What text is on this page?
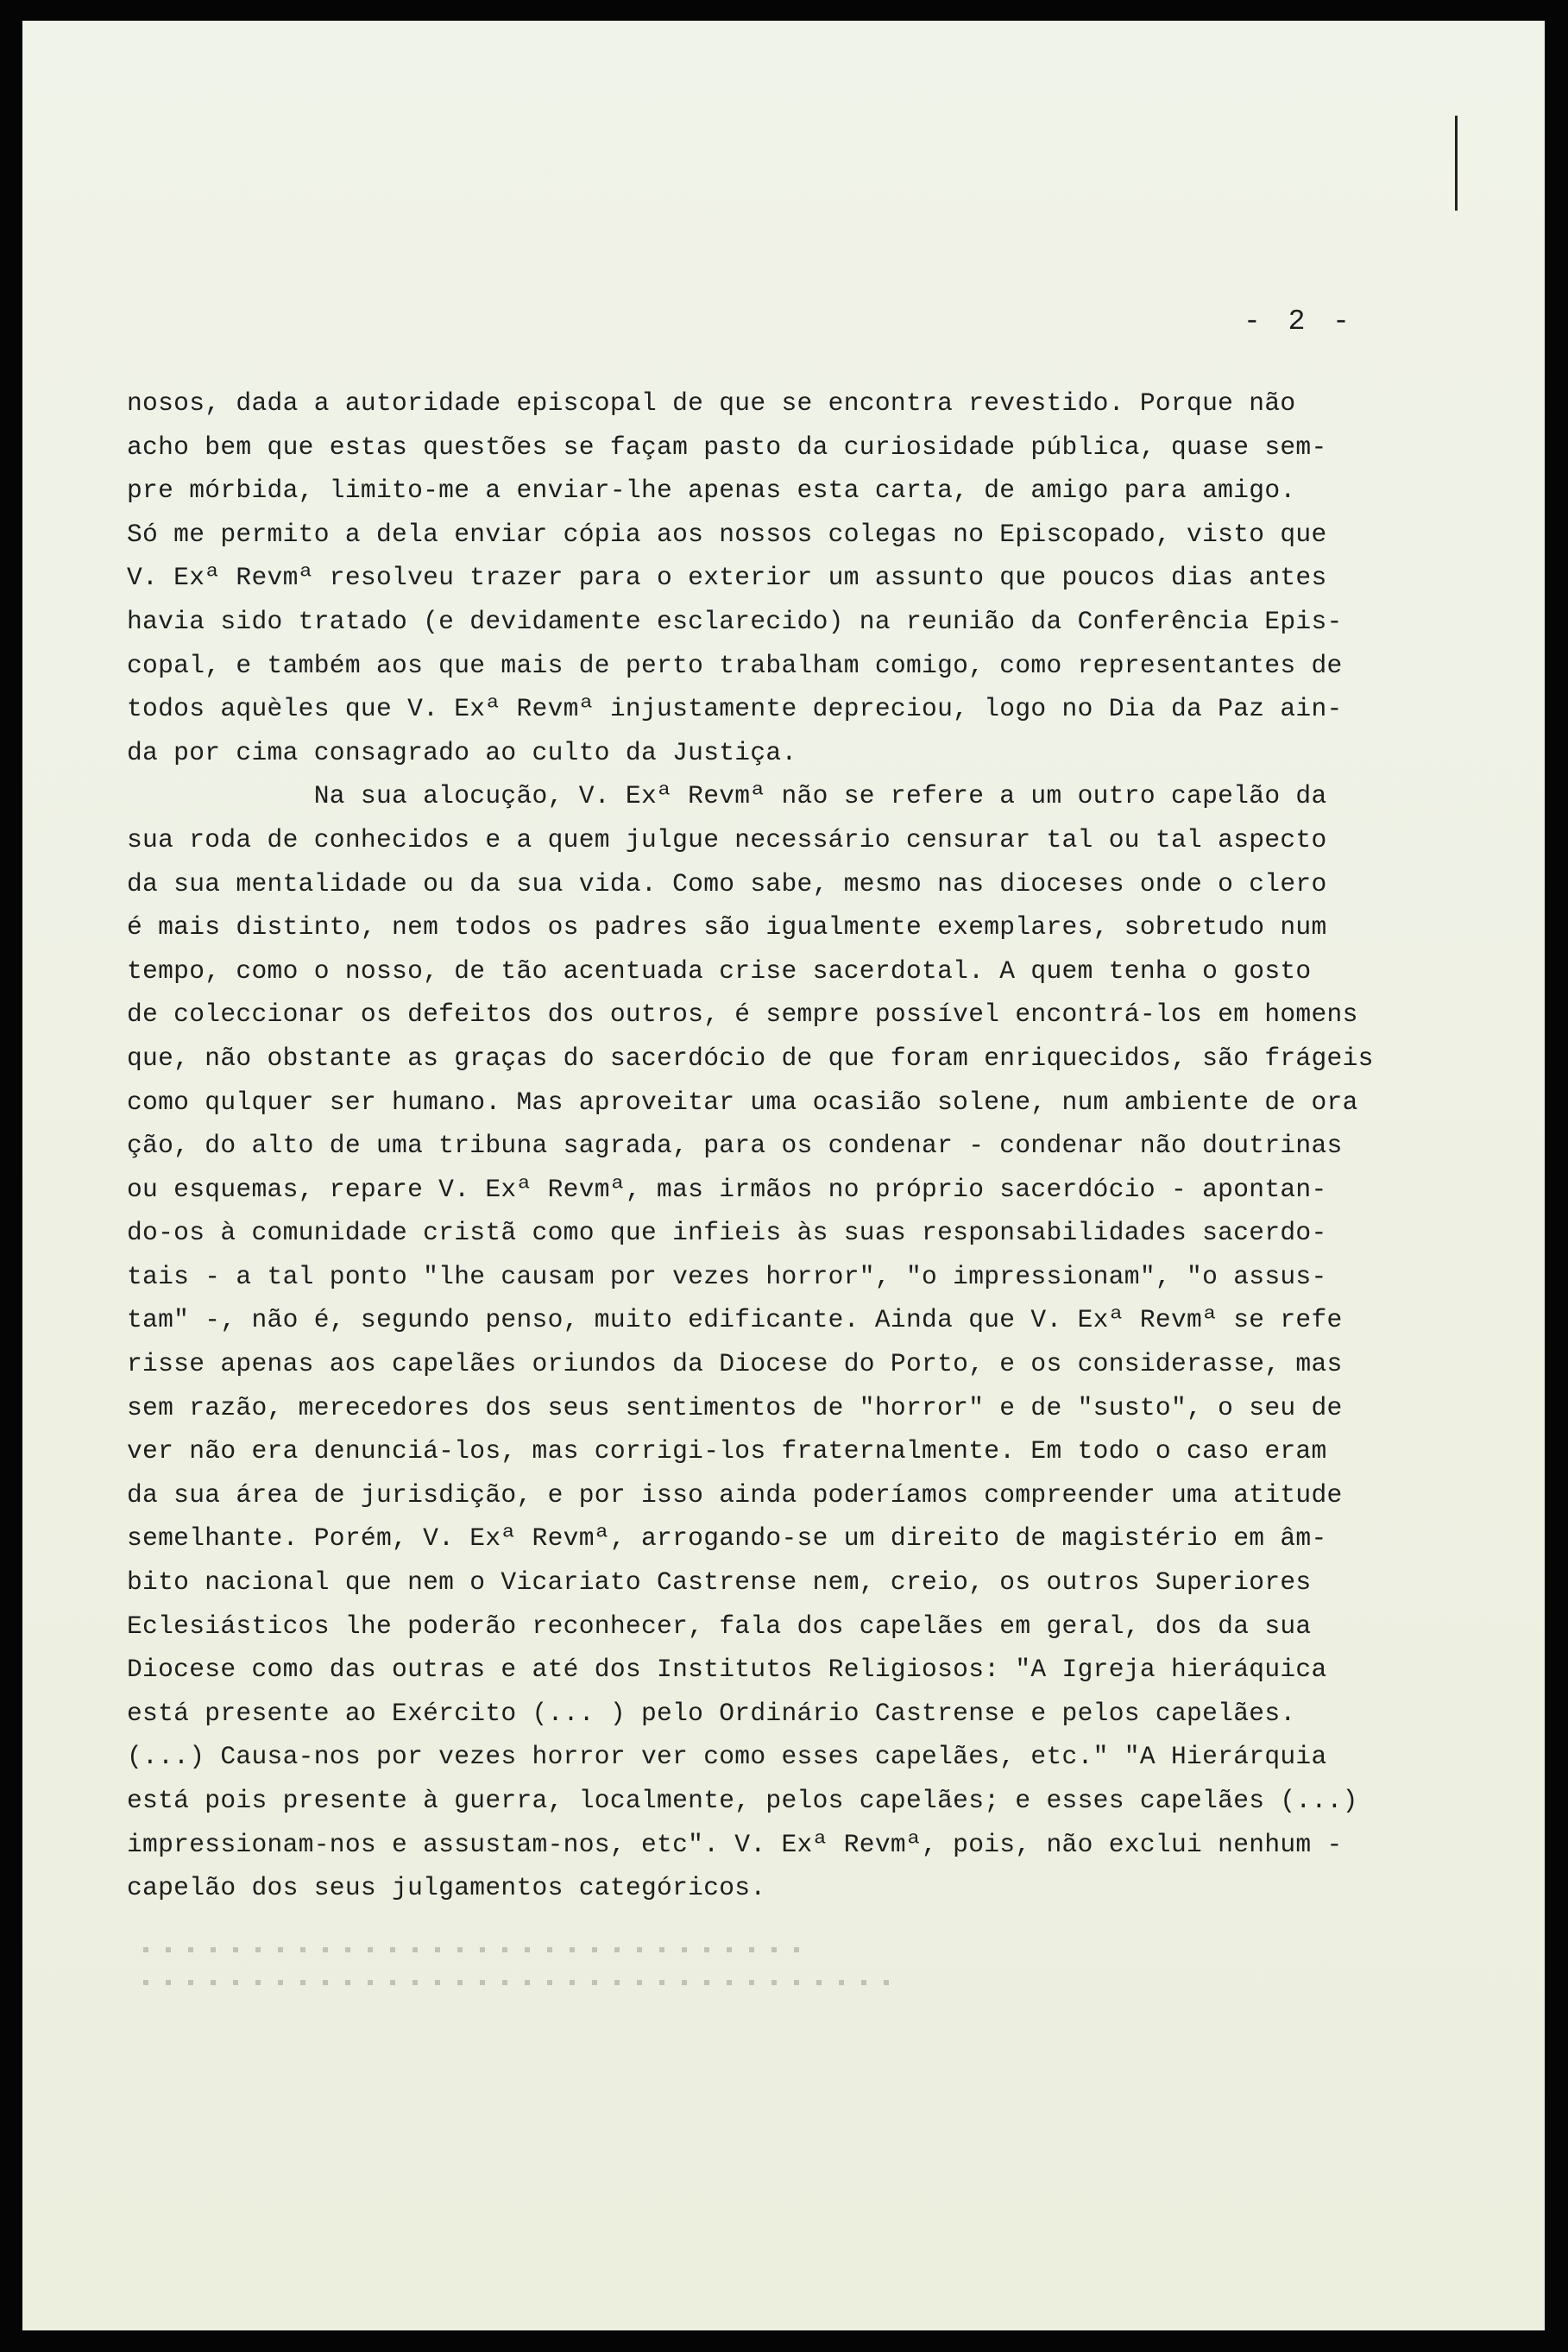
- 2 -
nosos, dada a autoridade episcopal de que se encontra revestido. Porque não
acho bem que estas questões se façam pasto da curiosidade pública, quase sem-
pre mórbida, limito-me a enviar-lhe apenas esta carta, de amigo para amigo.
Só me permito a dela enviar cópia aos nossos colegas no Episcopado, visto que
V. Exª Revmª resolveu trazer para o exterior um assunto que poucos dias antes
havia sido tratado (e devidamente esclarecido) na reunião da Conferência Epis-
copal, e também aos que mais de perto trabalham comigo, como representantes de
todos aquèles que V. Exª Revmª injustamente depreciou, logo no Dia da Paz ain-
da por cima consagrado ao culto da Justiça.
Na sua alocução, V. Exª Revmª não se refere a um outro capelão da
sua roda de conhecidos e a quem julgue necessário censurar tal ou tal aspecto
da sua mentalidade ou da sua vida. Como sabe, mesmo nas dioceses onde o clero
é mais distinto, nem todos os padres são igualmente exemplares, sobretudo num
tempo, como o nosso, de tão acentuada crise sacerdotal. A quem tenha o gosto
de coleccionar os defeitos dos outros, é sempre possível encontrá-los em homens
que, não obstante as graças do sacerdócio de que foram enriquecidos, são frágeis
como qulquer ser humano. Mas aproveitar uma ocasião solene, num ambiente de ora
ção, do alto de uma tribuna sagrada, para os condenar - condenar não doutrinas
ou esquemas, repare V. Exª Revmª, mas irmãos no próprio sacerdócio - apontan-
do-os à comunidade cristã como que infieis às suas responsabilidades sacerdo-
tais - a tal ponto "lhe causam por vezes horror", "o impressionam", "o assus-
tam" -, não é, segundo penso, muito edificante. Ainda que V. Exª Revmª se refe
risse apenas aos capelães oriundos da Diocese do Porto, e os considerasse, mas
sem razão, merecedores dos seus sentimentos de "horror" e de "susto", o seu de
ver não era denunciá-los, mas corrigi-los fraternalmente. Em todo o caso eram
da sua área de jurisdição, e por isso ainda poderíamos compreender uma atitude
semelhante. Porém, V. Exª Revmª, arrogando-se um direito de magistério em âm-
bito nacional que nem o Vicariato Castrense nem, creio, os outros Superiores
Eclesiásticos lhe poderão reconhecer, fala dos capelães em geral, dos da sua
Diocese como das outras e até dos Institutos Religiosos: "A Igreja hieráquica
está presente ao Exército (... ) pelo Ordinário Castrense e pelos capelães.
(...) Causa-nos por vezes horror ver como esses capelães, etc." "A Hierárquia
está pois presente à guerra, localmente, pelos capelães; e esses capelães (...)
impressionam-nos e assustam-nos, etc". V. Exª Revmª, pois, não exclui nenhum -
capelão dos seus julgamentos categóricos.
